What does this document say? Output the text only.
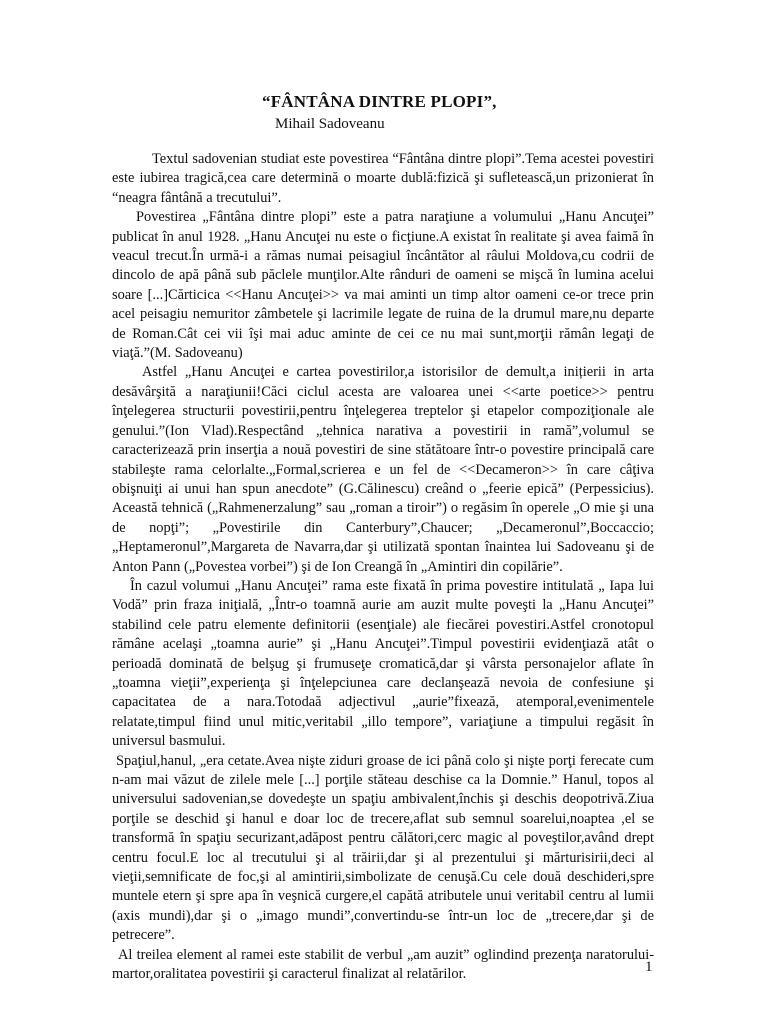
“FÂNTÂNA DINTRE PLOPI”,
Mihail Sadoveanu

Textul sadovenian studiat este povestirea “Fântâna dintre plopi”.Tema acestei povestiri este iubirea tragică,cea care determină o moarte dublă:fizică şi sufletească,un prizonierat în “neagra fântână a trecutului”.

Povestirea „Fântâna dintre plopi” este a patra naraţiune a volumului „Hanu Ancuţei” publicat în anul 1928. „Hanu Ancuţei nu este o ficţiune.A existat în realitate şi avea faimă în veacul trecut.În urmă-i a rămas numai peisagiul încântător al râului Moldova,cu codrii de dincolo de apă până sub păclele munţilor.Alte rânduri de oameni se mişcă în lumina acelui soare [...]Cărticica <<Hanu Ancuţei>> va mai aminti un timp altor oameni ce-or trece prin acel peisagiu nemuritor zâmbetele şi lacrimile legate de ruina de la drumul mare,nu departe de Roman.Cât cei vii îşi mai aduc aminte de cei ce nu mai sunt,morţii rămân legaţi de viaţă.”(M. Sadoveanu)

Astfel „Hanu Ancuţei e cartea povestirilor,a istorisilor de demult,a inițierii in arta desăvârşită a naraţiunii!Căci ciclul acesta are valoarea unei <<arte poetice>> pentru înţelegerea structurii povestirii,pentru înţelegerea treptelor şi etapelor compoziţionale ale genului.”(Ion Vlad).Respectând „tehnica narativa a povestirii in ramă”,volumul se caracterizează prin inserţia a nouă povestiri de sine stătătoare într-o povestire principală care stabileşte rama celorlalte.„Formal,scrierea e un fel de <<Decameron>> în care câţiva obişnuiţi ai unui han spun anecdote” (G.Călinescu) creând o „feerie epică” (Perpessicius). Această tehnică („Rahmenerzalung” sau „roman a tiroir”) o regăsim în operele „O mie şi una de nopţi”; „Povestirile din Canterbury”,Chaucer; „Decameronul”,Boccaccio; „Heptameronul”,Margareta de Navarra,dar şi utilizată spontan înaintea lui Sadoveanu şi de Anton Pann („Povestea vorbei”) şi de Ion Creangă în „Amintiri din copilărie”.

În cazul volumui „Hanu Ancuţei” rama este fixată în prima povestire intitulată „ Iapa lui Vodă” prin fraza iniţială, „Într-o toamnă aurie am auzit multe poveşti la „Hanu Ancuţei” stabilind cele patru elemente definitorii (esenţiale) ale fiecărei povestiri.Astfel cronotopul rămâne acelaşi „toamna aurie” şi „Hanu Ancuţei”.Timpul povestirii evidenţiază atât o perioadă dominată de belşug şi frumuseţe cromatică,dar şi vârsta personajelor aflate în „toamna vieţii”,experienţa şi înţelepciunea care declanşează nevoia de confesiune şi capacitatea de a nara.Totodaă adjectivul „aurie”fixează, atemporal,evenimentele relatate,timpul fiind unul mitic,veritabil „illo tempore”, variaţiune a timpului regăsit în universul basmului.

Spaţiul,hanul, „era cetate.Avea nişte ziduri groase de ici până colo şi nişte porţi ferecate cum n-am mai văzut de zilele mele [...] porţile stăteau deschise ca la Domnie.” Hanul, topos al universului sadovenian,se dovedeşte un spaţiu ambivalent,închis şi deschis deopotrivă.Ziua porţile se deschid şi hanul e doar loc de trecere,aflat sub semnul soarelui,noaptea ,el se transformă în spaţiu securizant,adăpost pentru călători,cerc magic al poveştilor,având drept centru focul.E loc al trecutului şi al trăirii,dar şi al prezentului şi mărturisirii,deci al vieţii,semnificate de foc,şi al amintirii,simbolizate de cenuşă.Cu cele două deschideri,spre muntele etern şi spre apa în veşnică curgere,el capătă atributele unui veritabil centru al lumii (axis mundi),dar şi o „imago mundi”,convertindu-se într-un loc de „trecere,dar şi de petrecere”.

Al treilea element al ramei este stabilit de verbul „am auzit” oglindind prezenţa naratorului-martor,oralitatea povestirii şi caracterul finalizat al relatărilor.	1
